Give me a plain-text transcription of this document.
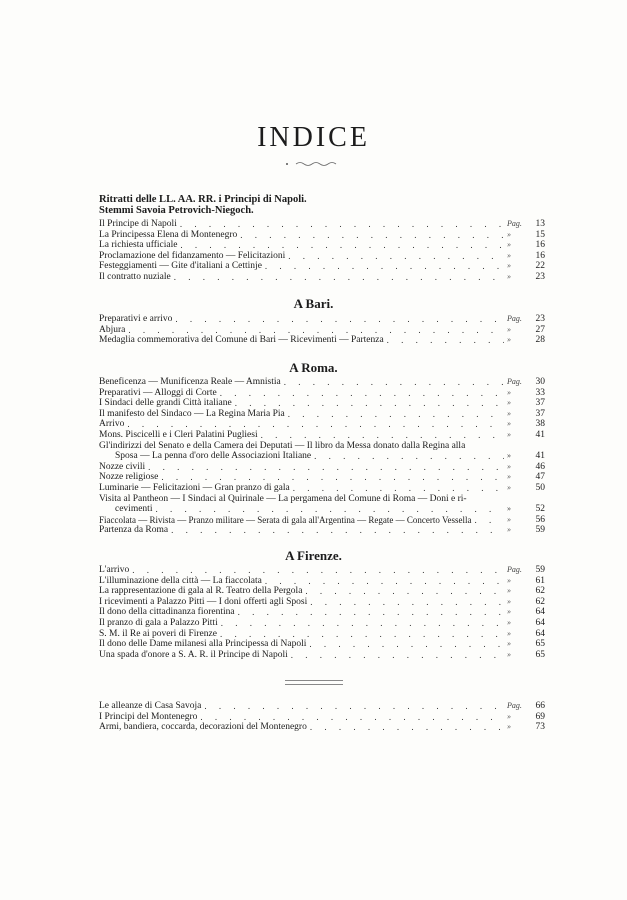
INDICE
Ritratti delle LL. AA. RR. i Principi di Napoli.
Stemmi Savoia Petrovich-Niegoch.
Il Principe di Napoli . . .	Pag.	13
La Principessa Elena di Montenegro . . .	»	15
La richiesta ufficiale . . .	»	16
Proclamazione del fidanzamento — Felicitazioni . . .	»	16
Festeggiamenti — Gite d'italiani a Cettinje . . .	»	22
Il contratto nuziale . . .	»	23
A Bari.
Preparativi e arrivo . . .	Pag.	23
Abjura . . .	»	27
Medaglia commemorativa del Comune di Bari — Ricevimenti — Partenza . . .	»	28
A Roma.
Beneficenza — Munificenza Reale — Amnistia . . .	Pag.	30
Preparativi — Alloggi di Corte . . .	»	33
I Sindaci delle grandi Città italiane . . .	»	37
Il manifesto del Sindaco — La Regina Maria Pia . . .	»	37
Arrivo . . .	»	38
Mons. Piscicelli e i Cleri Palatini Pugliesi . . .	»	41
Gl'indirizzi del Senato e della Camera dei Deputati — Il libro da Messa donato dalla Regina alla
Sposa — La penna d'oro delle Associazioni Italiane . . .	»	41
Nozze civili . . .	»	46
Nozze religiose . . .	»	47
Luminarie — Felicitazioni — Gran pranzo di gala . . .	»	50
Visita al Pantheon — I Sindaci al Quirinale — La pergamena del Comune di Roma — Doni e ri-
cevimenti . . .	»	52
Fiaccolata — Rivista — Pranzo militare — Serata di gala all'Argentina — Regate — Concerto Vessella . . .	»	56
Partenza da Roma . . .	»	59
A Firenze.
L'arrivo . . .	Pag.	59
L'illuminazione della città — La fiaccolata . . .	»	61
La rappresentazione di gala al R. Teatro della Pergola . . .	»	62
I ricevimenti a Palazzo Pitti — I doni offerti agli Sposi . . .	»	62
Il dono della cittadinanza fiorentina . . .	»	64
Il pranzo di gala a Palazzo Pitti . . .	»	64
S. M. il Re ai poveri di Firenze . . .	»	64
Il dono delle Dame milanesi alla Principessa di Napoli . . .	»	65
Una spada d'onore a S. A. R. il Principe di Napoli . . .	»	65
Le alleanze di Casa Savoja . . .	Pag.	66
I Principi del Montenegro . . .	»	69
Armi, bandiera, coccarda, decorazioni del Montenegro . . .	»	73
